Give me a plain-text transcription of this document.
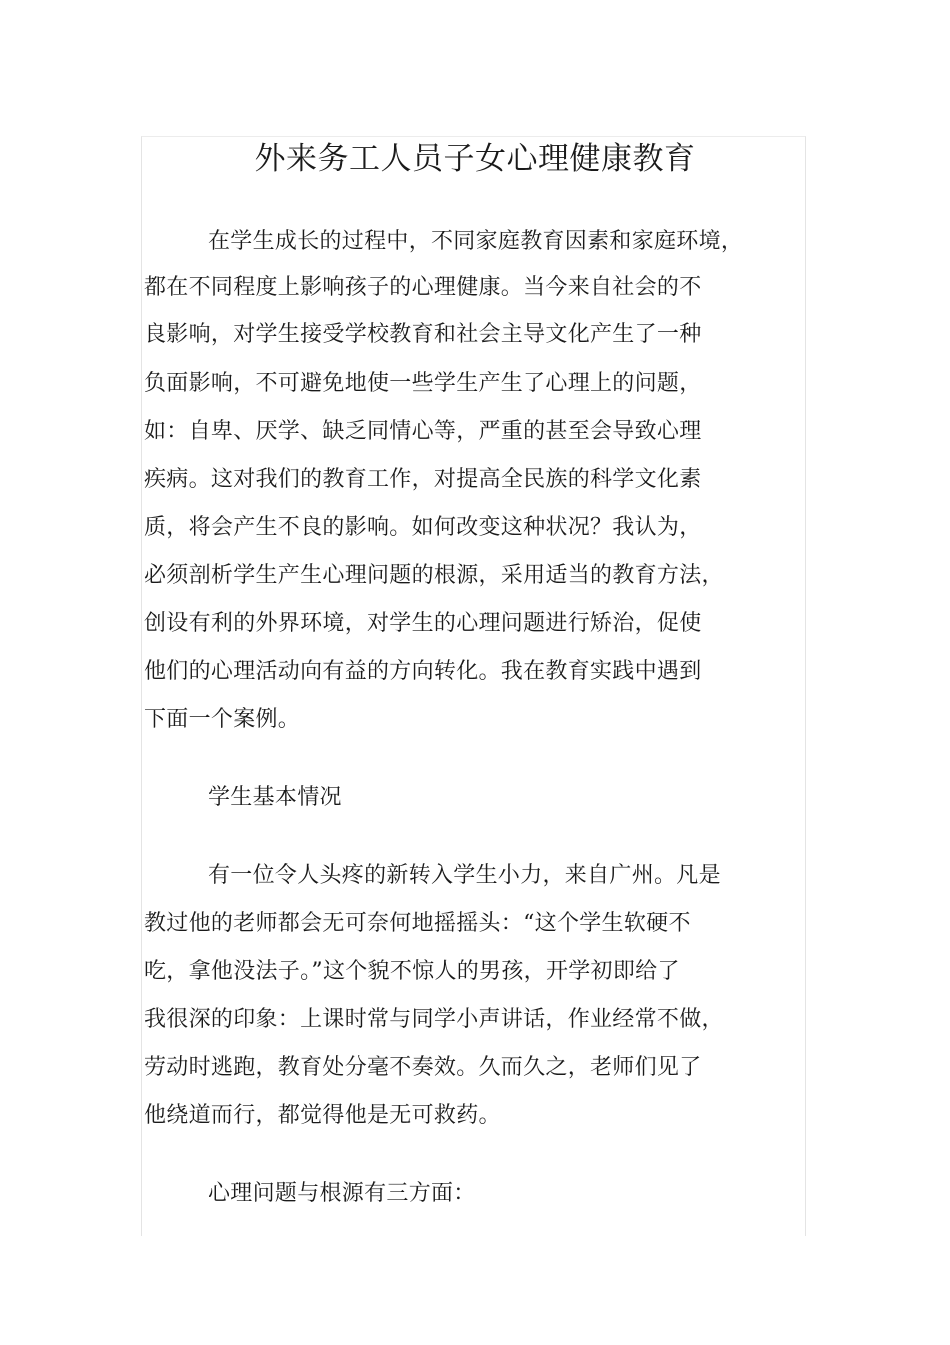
外来务工人员子女心理健康教育

在学生成长的过程中，不同家庭教育因素和家庭环境，

都在不同程度上影响孩子的心理健康。当今来自社会的不

良影响，对学生接受学校教育和社会主导文化产生了一种

负面影响，不可避免地使一些学生产生了心理上的问题，

如：自卑、厌学、缺乏同情心等，严重的甚至会导致心理

疾病。这对我们的教育工作，对提高全民族的科学文化素

质，将会产生不良的影响。如何改变这种状况？我认为，

必须剖析学生产生心理问题的根源，采用适当的教育方法，

创设有利的外界环境，对学生的心理问题进行矫治，促使

他们的心理活动向有益的方向转化。我在教育实践中遇到

下面一个案例。

学生基本情况

有一位令人头疼的新转入学生小力，来自广州。凡是

教过他的老师都会无可奈何地摇摇头：“这个学生软硬不

吃，拿他没法子。”这个貌不惊人的男孩，开学初即给了

我很深的印象：上课时常与同学小声讲话，作业经常不做，

劳动时逃跑，教育处分毫不奏效。久而久之，老师们见了

他绕道而行，都觉得他是无可救药。

心理问题与根源有三方面：
